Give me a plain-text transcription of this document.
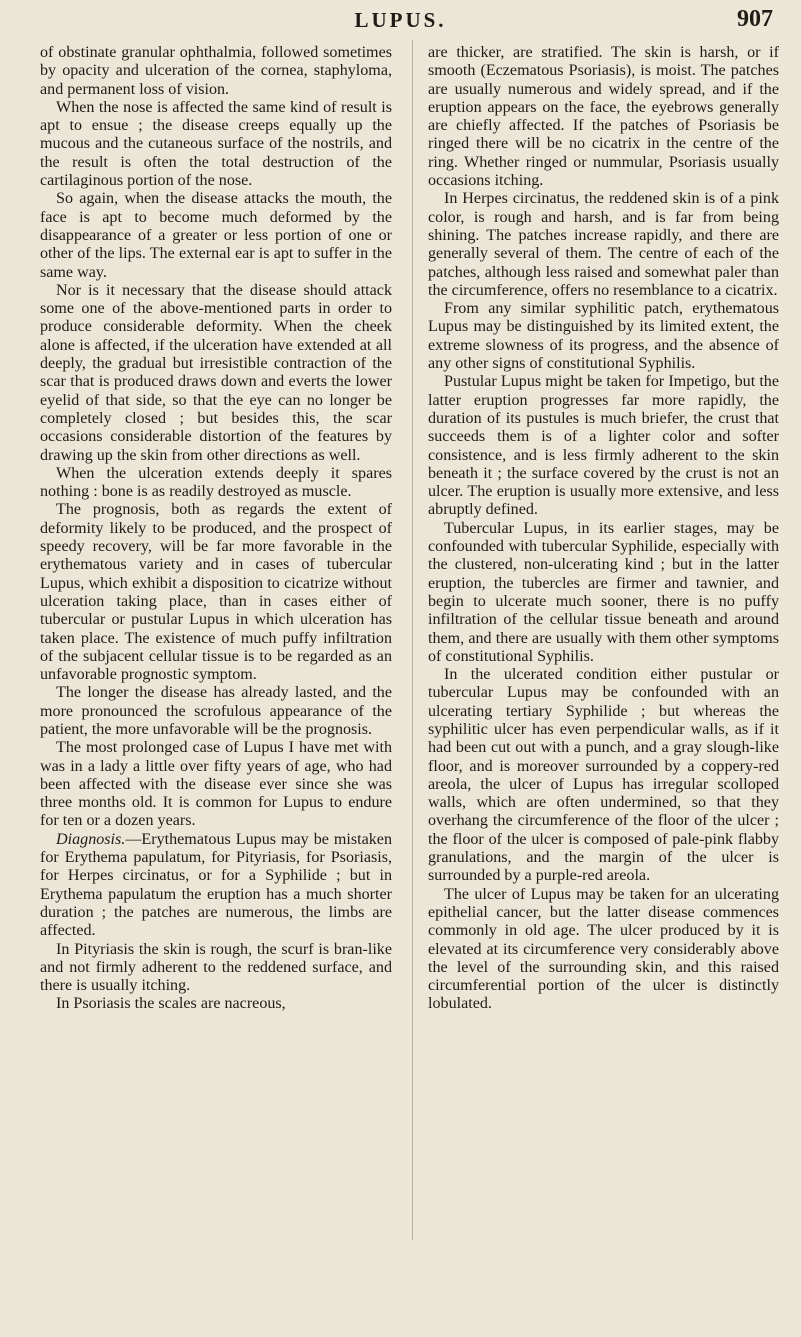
LUPUS.	907

of obstinate granular ophthalmia, followed sometimes by opacity and ulceration of the cornea, staphyloma, and permanent loss of vision.

When the nose is affected the same kind of result is apt to ensue ; the disease creeps equally up the mucous and the cutaneous surface of the nostrils, and the result is often the total destruction of the cartilaginous portion of the nose.

So again, when the disease attacks the mouth, the face is apt to become much deformed by the disappearance of a greater or less portion of one or other of the lips. The external ear is apt to suffer in the same way.

Nor is it necessary that the disease should attack some one of the above-mentioned parts in order to produce considerable deformity. When the cheek alone is affected, if the ulceration have extended at all deeply, the gradual but irresistible contraction of the scar that is produced draws down and everts the lower eyelid of that side, so that the eye can no longer be completely closed ; but besides this, the scar occasions considerable distortion of the features by drawing up the skin from other directions as well.

When the ulceration extends deeply it spares nothing : bone is as readily destroyed as muscle.

The prognosis, both as regards the extent of deformity likely to be produced, and the prospect of speedy recovery, will be far more favorable in the erythematous variety and in cases of tubercular Lupus, which exhibit a disposition to cicatrize without ulceration taking place, than in cases either of tubercular or pustular Lupus in which ulceration has taken place. The existence of much puffy infiltration of the subjacent cellular tissue is to be regarded as an unfavorable prognostic symptom.

The longer the disease has already lasted, and the more pronounced the scrofulous appearance of the patient, the more unfavorable will be the prognosis.

The most prolonged case of Lupus I have met with was in a lady a little over fifty years of age, who had been affected with the disease ever since she was three months old. It is common for Lupus to endure for ten or a dozen years.

Diagnosis.—Erythematous Lupus may be mistaken for Erythema papulatum, for Pityriasis, for Psoriasis, for Herpes circinatus, or for a Syphilide ; but in Erythema papulatum the eruption has a much shorter duration ; the patches are numerous, the limbs are affected.

In Pityriasis the skin is rough, the scurf is bran-like and not firmly adherent to the reddened surface, and there is usually itching.

In Psoriasis the scales are nacreous,

are thicker, are stratified. The skin is harsh, or if smooth (Eczematous Psoriasis), is moist. The patches are usually numerous and widely spread, and if the eruption appears on the face, the eyebrows generally are chiefly affected. If the patches of Psoriasis be ringed there will be no cicatrix in the centre of the ring. Whether ringed or nummular, Psoriasis usually occasions itching.

In Herpes circinatus, the reddened skin is of a pink color, is rough and harsh, and is far from being shining. The patches increase rapidly, and there are generally several of them. The centre of each of the patches, although less raised and somewhat paler than the circumference, offers no resemblance to a cicatrix.

From any similar syphilitic patch, erythematous Lupus may be distinguished by its limited extent, the extreme slowness of its progress, and the absence of any other signs of constitutional Syphilis.

Pustular Lupus might be taken for Impetigo, but the latter eruption progresses far more rapidly, the duration of its pustules is much briefer, the crust that succeeds them is of a lighter color and softer consistence, and is less firmly adherent to the skin beneath it ; the surface covered by the crust is not an ulcer. The eruption is usually more extensive, and less abruptly defined.

Tubercular Lupus, in its earlier stages, may be confounded with tubercular Syphilide, especially with the clustered, non-ulcerating kind ; but in the latter eruption, the tubercles are firmer and tawnier, and begin to ulcerate much sooner, there is no puffy infiltration of the cellular tissue beneath and around them, and there are usually with them other symptoms of constitutional Syphilis.

In the ulcerated condition either pustular or tubercular Lupus may be confounded with an ulcerating tertiary Syphilide ; but whereas the syphilitic ulcer has even perpendicular walls, as if it had been cut out with a punch, and a gray slough-like floor, and is moreover surrounded by a coppery-red areola, the ulcer of Lupus has irregular scolloped walls, which are often undermined, so that they overhang the circumference of the floor of the ulcer ; the floor of the ulcer is composed of pale-pink flabby granulations, and the margin of the ulcer is surrounded by a purple-red areola.

The ulcer of Lupus may be taken for an ulcerating epithelial cancer, but the latter disease commences commonly in old age. The ulcer produced by it is elevated at its circumference very considerably above the level of the surrounding skin, and this raised circumferential portion of the ulcer is distinctly lobulated.
